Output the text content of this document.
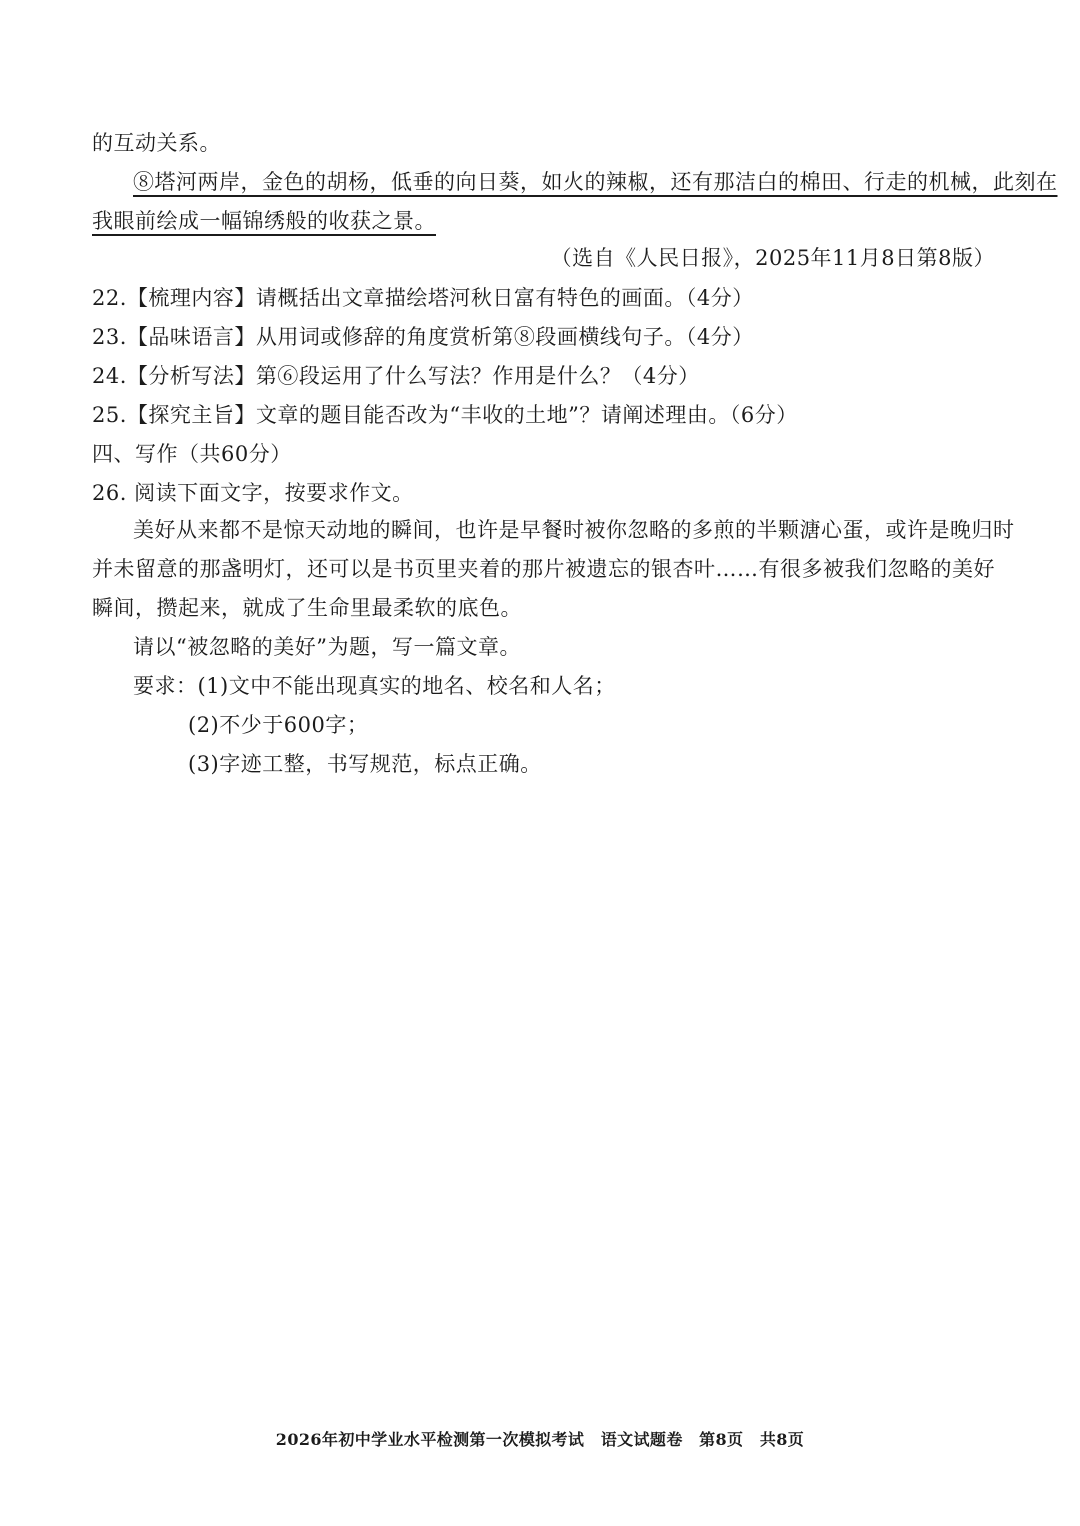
的互动关系。
⑧塔河两岸，金色的胡杨，低垂的向日葵，如火的辣椒，还有那洁白的棉田、行走的机械，此刻在
我眼前绘成一幅锦绣般的收获之景。
（选自《人民日报》，2025年11月8日第8版）
22.【梳理内容】请概括出文章描绘塔河秋日富有特色的画面。（4分）
23.【品味语言】从用词或修辞的角度赏析第⑧段画横线句子。（4分）
24.【分析写法】第⑥段运用了什么写法？作用是什么？（4分）
25.【探究主旨】文章的题目能否改为“丰收的土地”？请阐述理由。（6分）
四、写作（共60分）
26. 阅读下面文字，按要求作文。
美好从来都不是惊天动地的瞬间，也许是早餐时被你忽略的多煎的半颗溏心蛋，或许是晚归时
并未留意的那盏明灯，还可以是书页里夹着的那片被遗忘的银杏叶……有很多被我们忽略的美好
瞬间，攒起来，就成了生命里最柔软的底色。
请以“被忽略的美好”为题，写一篇文章。
要求：(1)文中不能出现真实的地名、校名和人名；
(2)不少于600字；
(3)字迹工整，书写规范，标点正确。
2026年初中学业水平检测第一次模拟考试　语文试题卷　第8页　共8页
